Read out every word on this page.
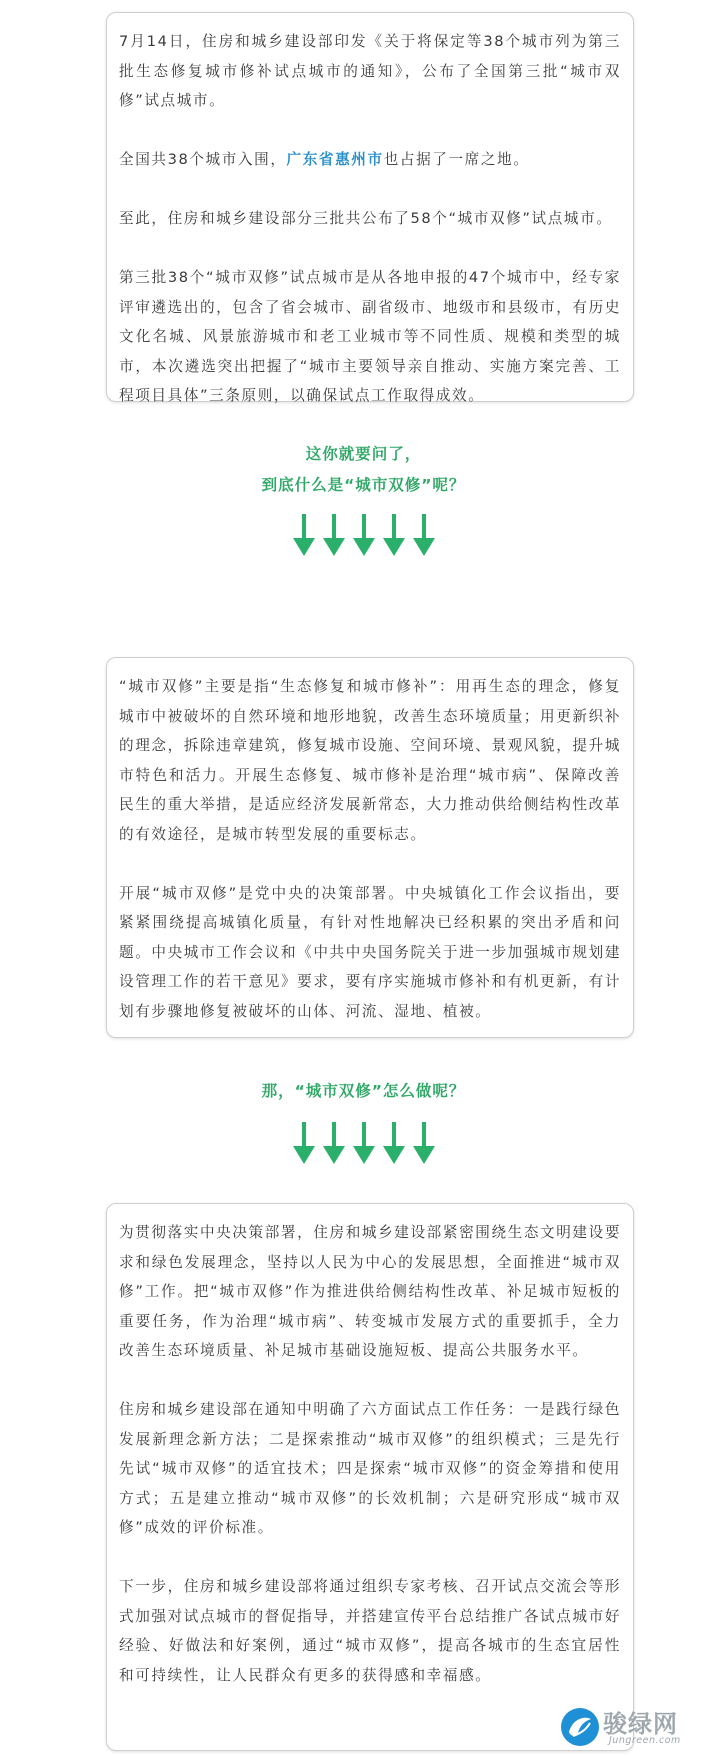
7月14日，住房和城乡建设部印发《关于将保定等38个城市列为第三批生态修复城市修补试点城市的通知》，公布了全国第三批“城市双修”试点城市。

全国共38个城市入围，广东省惠州市也占据了一席之地。

至此，住房和城乡建设部分三批共公布了58个“城市双修”试点城市。

第三批38个“城市双修”试点城市是从各地申报的47个城市中，经专家评审遴选出的，包含了省会城市、副省级市、地级市和县级市，有历史文化名城、风景旅游城市和老工业城市等不同性质、规模和类型的城市，本次遴选突出把握了“城市主要领导亲自推动、实施方案完善、工程项目具体”三条原则，以确保试点工作取得成效。

这你就要问了，
到底什么是“城市双修”呢？

“城市双修”主要是指“生态修复和城市修补”：用再生态的理念，修复城市中被破坏的自然环境和地形地貌，改善生态环境质量；用更新织补的理念，拆除违章建筑，修复城市设施、空间环境、景观风貌，提升城市特色和活力。开展生态修复、城市修补是治理“城市病”、保障改善民生的重大举措，是适应经济发展新常态，大力推动供给侧结构性改革的有效途径，是城市转型发展的重要标志。

开展“城市双修”是党中央的决策部署。中央城镇化工作会议指出，要紧紧围绕提高城镇化质量，有针对性地解决已经积累的突出矛盾和问题。中央城市工作会议和《中共中央国务院关于进一步加强城市规划建设管理工作的若干意见》要求，要有序实施城市修补和有机更新，有计划有步骤地修复被破坏的山体、河流、湿地、植被。

那，“城市双修”怎么做呢？

为贯彻落实中央决策部署，住房和城乡建设部紧密围绕生态文明建设要求和绿色发展理念，坚持以人民为中心的发展思想，全面推进“城市双修”工作。把“城市双修”作为推进供给侧结构性改革、补足城市短板的重要任务，作为治理“城市病”、转变城市发展方式的重要抓手，全力改善生态环境质量、补足城市基础设施短板、提高公共服务水平。

住房和城乡建设部在通知中明确了六方面试点工作任务：一是践行绿色发展新理念新方法；二是探索推动“城市双修”的组织模式；三是先行先试“城市双修”的适宜技术；四是探索“城市双修”的资金筹措和使用方式；五是建立推动“城市双修”的长效机制；六是研究形成“城市双修”成效的评价标准。

下一步，住房和城乡建设部将通过组织专家考核、召开试点交流会等形式加强对试点城市的督促指导，并搭建宣传平台总结推广各试点城市好经验、好做法和好案例，通过“城市双修”，提高各城市的生态宜居性和可持续性，让人民群众有更多的获得感和幸福感。

骏绿网
Jungreen.com
